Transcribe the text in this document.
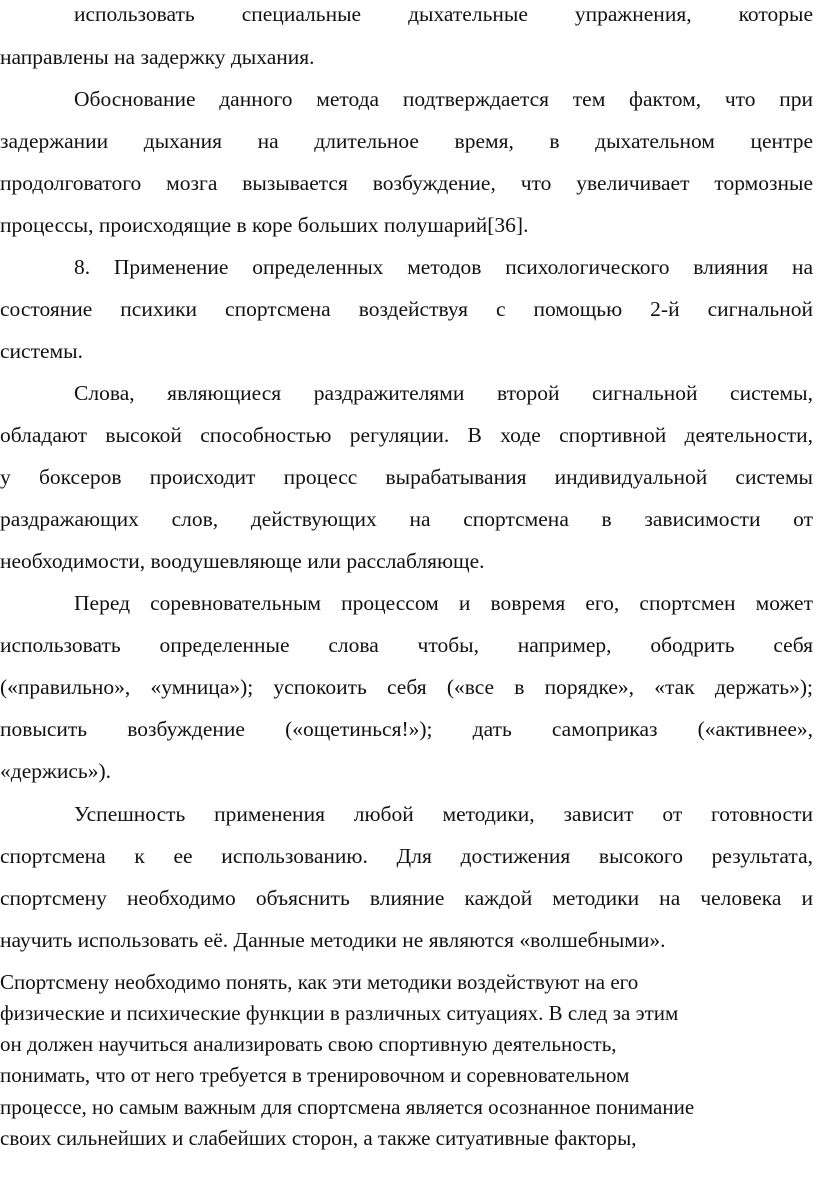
использовать специальные дыхательные упражнения, которые

направлены на задержку дыхания.

Обоснование данного метода подтверждается тем фактом, что при

задержании дыхания на длительное время, в дыхательном центре

продолговатого мозга вызывается возбуждение, что увеличивает тормозные

процессы, происходящие в коре больших полушарий[36].

8. Применение определенных методов психологического влияния на

состояние психики спортсмена воздействуя с помощью 2-й сигнальной

системы.

Слова, являющиеся раздражителями второй сигнальной системы,

обладают высокой способностью регуляции. В ходе спортивной деятельности,

у боксеров происходит процесс вырабатывания индивидуальной системы

раздражающих слов, действующих на спортсмена в зависимости от

необходимости, воодушевляюще или расслабляюще.

Перед соревновательным процессом и вовремя его, спортсмен может

использовать определенные слова чтобы, например, ободрить себя

(«правильно», «умница»); успокоить себя («все в порядке», «так держать»);

повысить возбуждение («ощетинься!»); дать самоприказ («активнее»,

«держись»).

Успешность применения любой методики, зависит от готовности

спортсмена к ее использованию. Для достижения высокого результата,

спортсмену необходимо объяснить влияние каждой методики на человека и

научить использовать её. Данные методики не являются «волшебными».

Спортсмену необходимо понять, как эти методики воздействуют на его

физические и психические функции в различных ситуациях. В след за этим

он должен научиться анализировать свою спортивную деятельность,

понимать, что от него требуется в тренировочном и соревновательном

процессе, но самым важным для спортсмена является осознанное понимание

своих сильнейших и слабейших сторон, а также ситуативные факторы,
